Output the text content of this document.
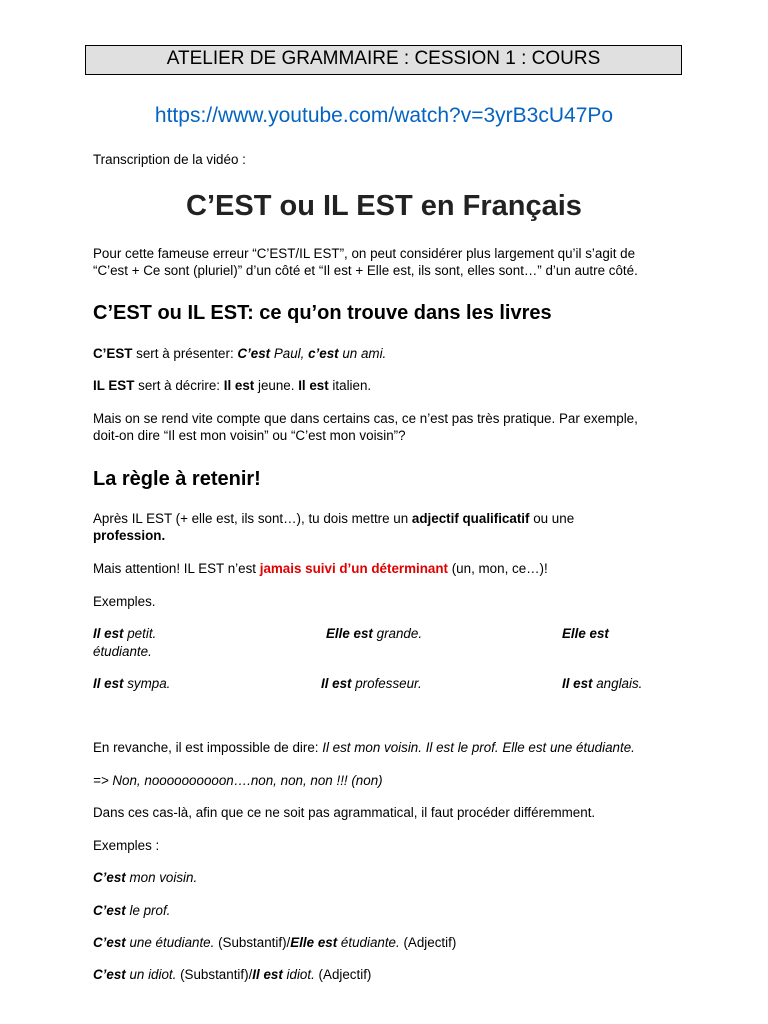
ATELIER DE GRAMMAIRE : CESSION 1 : COURS
https://www.youtube.com/watch?v=3yrB3cU47Po
Transcription de la vidéo :
C’EST ou IL EST en Français
Pour cette fameuse erreur “C’EST/IL EST”, on peut considérer plus largement qu’il s’agit de
“C’est + Ce sont (pluriel)” d’un côté et “Il est + Elle est, ils sont, elles sont…” d’un autre côté.
C’EST ou IL EST: ce qu’on trouve dans les livres
C’EST sert à présenter: C’est Paul, c’est un ami.
IL EST sert à décrire: Il est jeune. Il est italien.
Mais on se rend vite compte que dans certains cas, ce n’est pas très pratique. Par exemple,
doit-on dire “Il est mon voisin” ou “C’est mon voisin”?
La règle à retenir!
Après IL EST (+ elle est, ils sont…), tu dois mettre un adjectif qualificatif ou une
profession.
Mais attention! IL EST n’est jamais suivi d’un déterminant (un, mon, ce…)!
Exemples.
Il est petit.	Elle est grande.	Elle est
étudiante.
Il est sympa.	Il est professeur.	Il est anglais.
En revanche, il est impossible de dire: Il est mon voisin. Il est le prof. Elle est une étudiante.
=> Non, noooooooooon….non, non, non !!! (non)
Dans ces cas-là, afin que ce ne soit pas agrammatical, il faut procéder différemment.
Exemples :
C’est mon voisin.
C’est le prof.
C’est une étudiante. (Substantif)/Elle est étudiante. (Adjectif)
C’est un idiot. (Substantif)/Il est idiot. (Adjectif)
